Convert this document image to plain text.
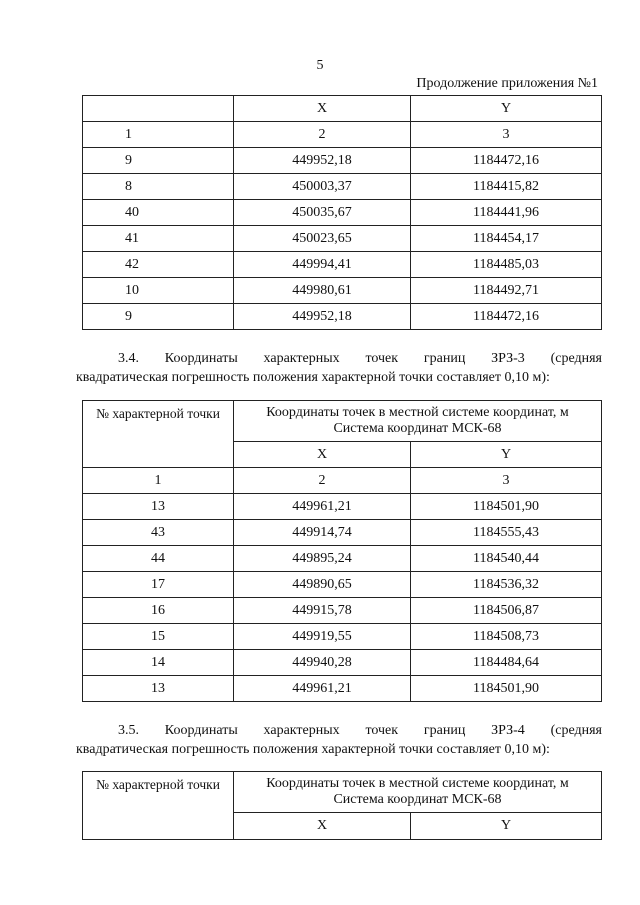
5
Продолжение приложения №1
	X	Y
1	2	3
9	449952,18	1184472,16
8	450003,37	1184415,82
40	450035,67	1184441,96
41	450023,65	1184454,17
42	449994,41	1184485,03
10	449980,61	1184492,71
9	449952,18	1184472,16
3.4. Координаты характерных точек границ ЗРЗ-3 (средняя
квадратическая погрешность положения характерной точки составляет 0,10 м):
№ характерной точки	Координаты точек в местной системе координат, м
Система координат МСК-68	

	X	Y
1	2	3
13	449961,21	1184501,90
43	449914,74	1184555,43
44	449895,24	1184540,44
17	449890,65	1184536,32
16	449915,78	1184506,87
15	449919,55	1184508,73
14	449940,28	1184484,64
13	449961,21	1184501,90
3.5. Координаты характерных точек границ ЗРЗ-4 (средняя
квадратическая погрешность положения характерной точки составляет 0,10 м):
№ характерной точки	Координаты точек в местной системе координат, м
Система координат МСК-68	

	X	Y
